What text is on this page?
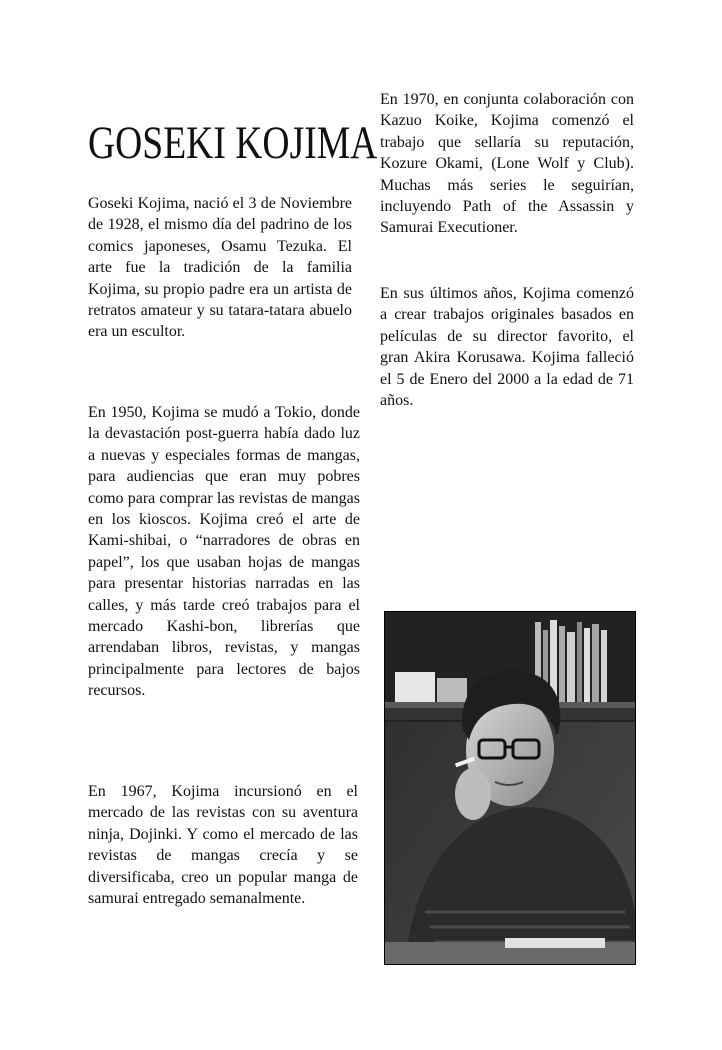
GOSEKI KOJIMA

Goseki Kojima, nació el 3 de Noviembre de 1928, el mismo día del padrino de los comics japoneses, Osamu Tezuka. El arte fue la tradición de la familia Kojima, su propio padre era un artista de retratos amateur y su tatara-tatara abuelo era un escultor.

En 1950, Kojima se mudó a Tokio, donde la devastación post-guerra había dado luz a nuevas y especiales formas de mangas, para audiencias que eran muy pobres como para comprar las revistas de mangas en los kioscos. Kojima creó el arte de Kami-shibai, o “narradores de obras en papel”, los que usaban hojas de mangas para presentar historias narradas en las calles, y más tarde creó trabajos para el mercado Kashi-bon, librerías que arrendaban libros, revistas, y mangas principalmente para lectores de bajos recursos.

En 1967, Kojima incursionó en el mercado de las revistas con su aventura ninja, Dojinki. Y como el mercado de las revistas de mangas crecía y se diversificaba, creo un popular manga de samurai entregado semanalmente.

En 1970, en conjunta colaboración con Kazuo Koike, Kojima comenzó el trabajo que sellaría su reputación, Kozure Okami, (Lone Wolf y Club). Muchas más series le seguirían, incluyendo Path of the Assassin y Samurai Executioner.

En sus últimos años, Kojima comenzó a crear trabajos originales basados en películas de su director favorito, el gran Akira Korusawa. Kojima falleció el 5 de Enero del 2000 a la edad de 71 años.
